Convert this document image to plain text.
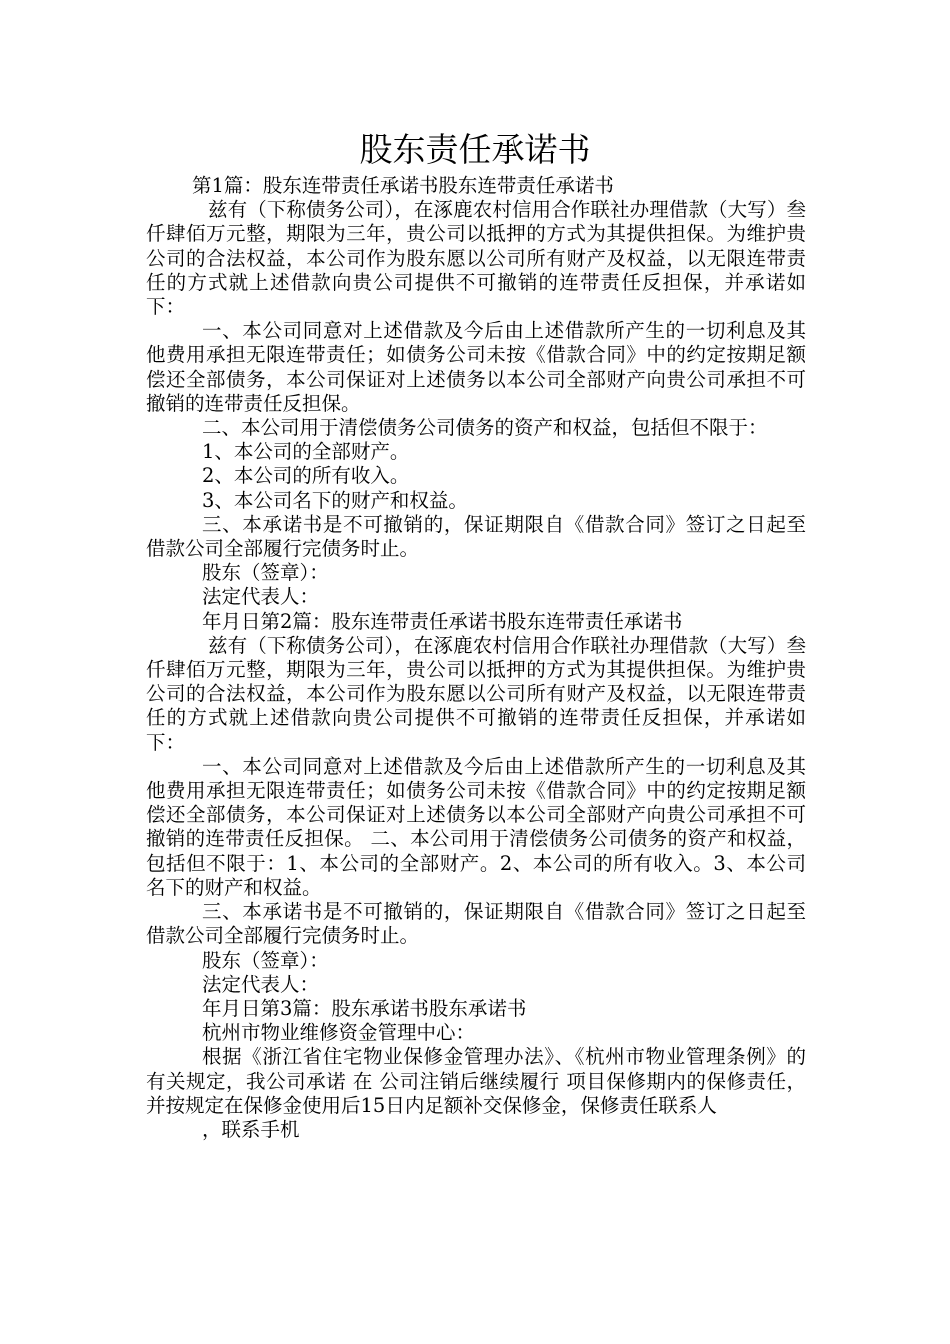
股东责任承诺书

第1篇：股东连带责任承诺书股东连带责任承诺书

兹有（下称债务公司），在涿鹿农村信用合作联社办理借款（大写）叁仟肆佰万元整，期限为三年，贵公司以抵押的方式为其提供担保。为维护贵公司的合法权益，本公司作为股东愿以公司所有财产及权益，以无限连带责任的方式就上述借款向贵公司提供不可撤销的连带责任反担保，并承诺如下：

一、本公司同意对上述借款及今后由上述借款所产生的一切利息及其他费用承担无限连带责任；如债务公司未按《借款合同》中的约定按期足额偿还全部债务，本公司保证对上述债务以本公司全部财产向贵公司承担不可撤销的连带责任反担保。

二、本公司用于清偿债务公司债务的资产和权益，包括但不限于：

1、本公司的全部财产。

2、本公司的所有收入。

3、本公司名下的财产和权益。

三、本承诺书是不可撤销的，保证期限自《借款合同》签订之日起至借款公司全部履行完债务时止。

股东（签章）：

法定代表人：

年月日第2篇：股东连带责任承诺书股东连带责任承诺书

兹有（下称债务公司），在涿鹿农村信用合作联社办理借款（大写）叁仟肆佰万元整，期限为三年，贵公司以抵押的方式为其提供担保。为维护贵公司的合法权益，本公司作为股东愿以公司所有财产及权益，以无限连带责任的方式就上述借款向贵公司提供不可撤销的连带责任反担保，并承诺如下：

一、本公司同意对上述借款及今后由上述借款所产生的一切利息及其他费用承担无限连带责任；如债务公司未按《借款合同》中的约定按期足额偿还全部债务，本公司保证对上述债务以本公司全部财产向贵公司承担不可撤销的连带责任反担保。 二、本公司用于清偿债务公司债务的资产和权益，包括但不限于：1、本公司的全部财产。2、本公司的所有收入。3、本公司名下的财产和权益。

三、本承诺书是不可撤销的，保证期限自《借款合同》签订之日起至借款公司全部履行完债务时止。

股东（签章）：

法定代表人：

年月日第3篇：股东承诺书股东承诺书

杭州市物业维修资金管理中心：

根据《浙江省住宅物业保修金管理办法》、《杭州市物业管理条例》的有关规定，我公司承诺 在 公司注销后继续履行 项目保修期内的保修责任，并按规定在保修金使用后15日内足额补交保修金，保修责任联系人

，联系手机
